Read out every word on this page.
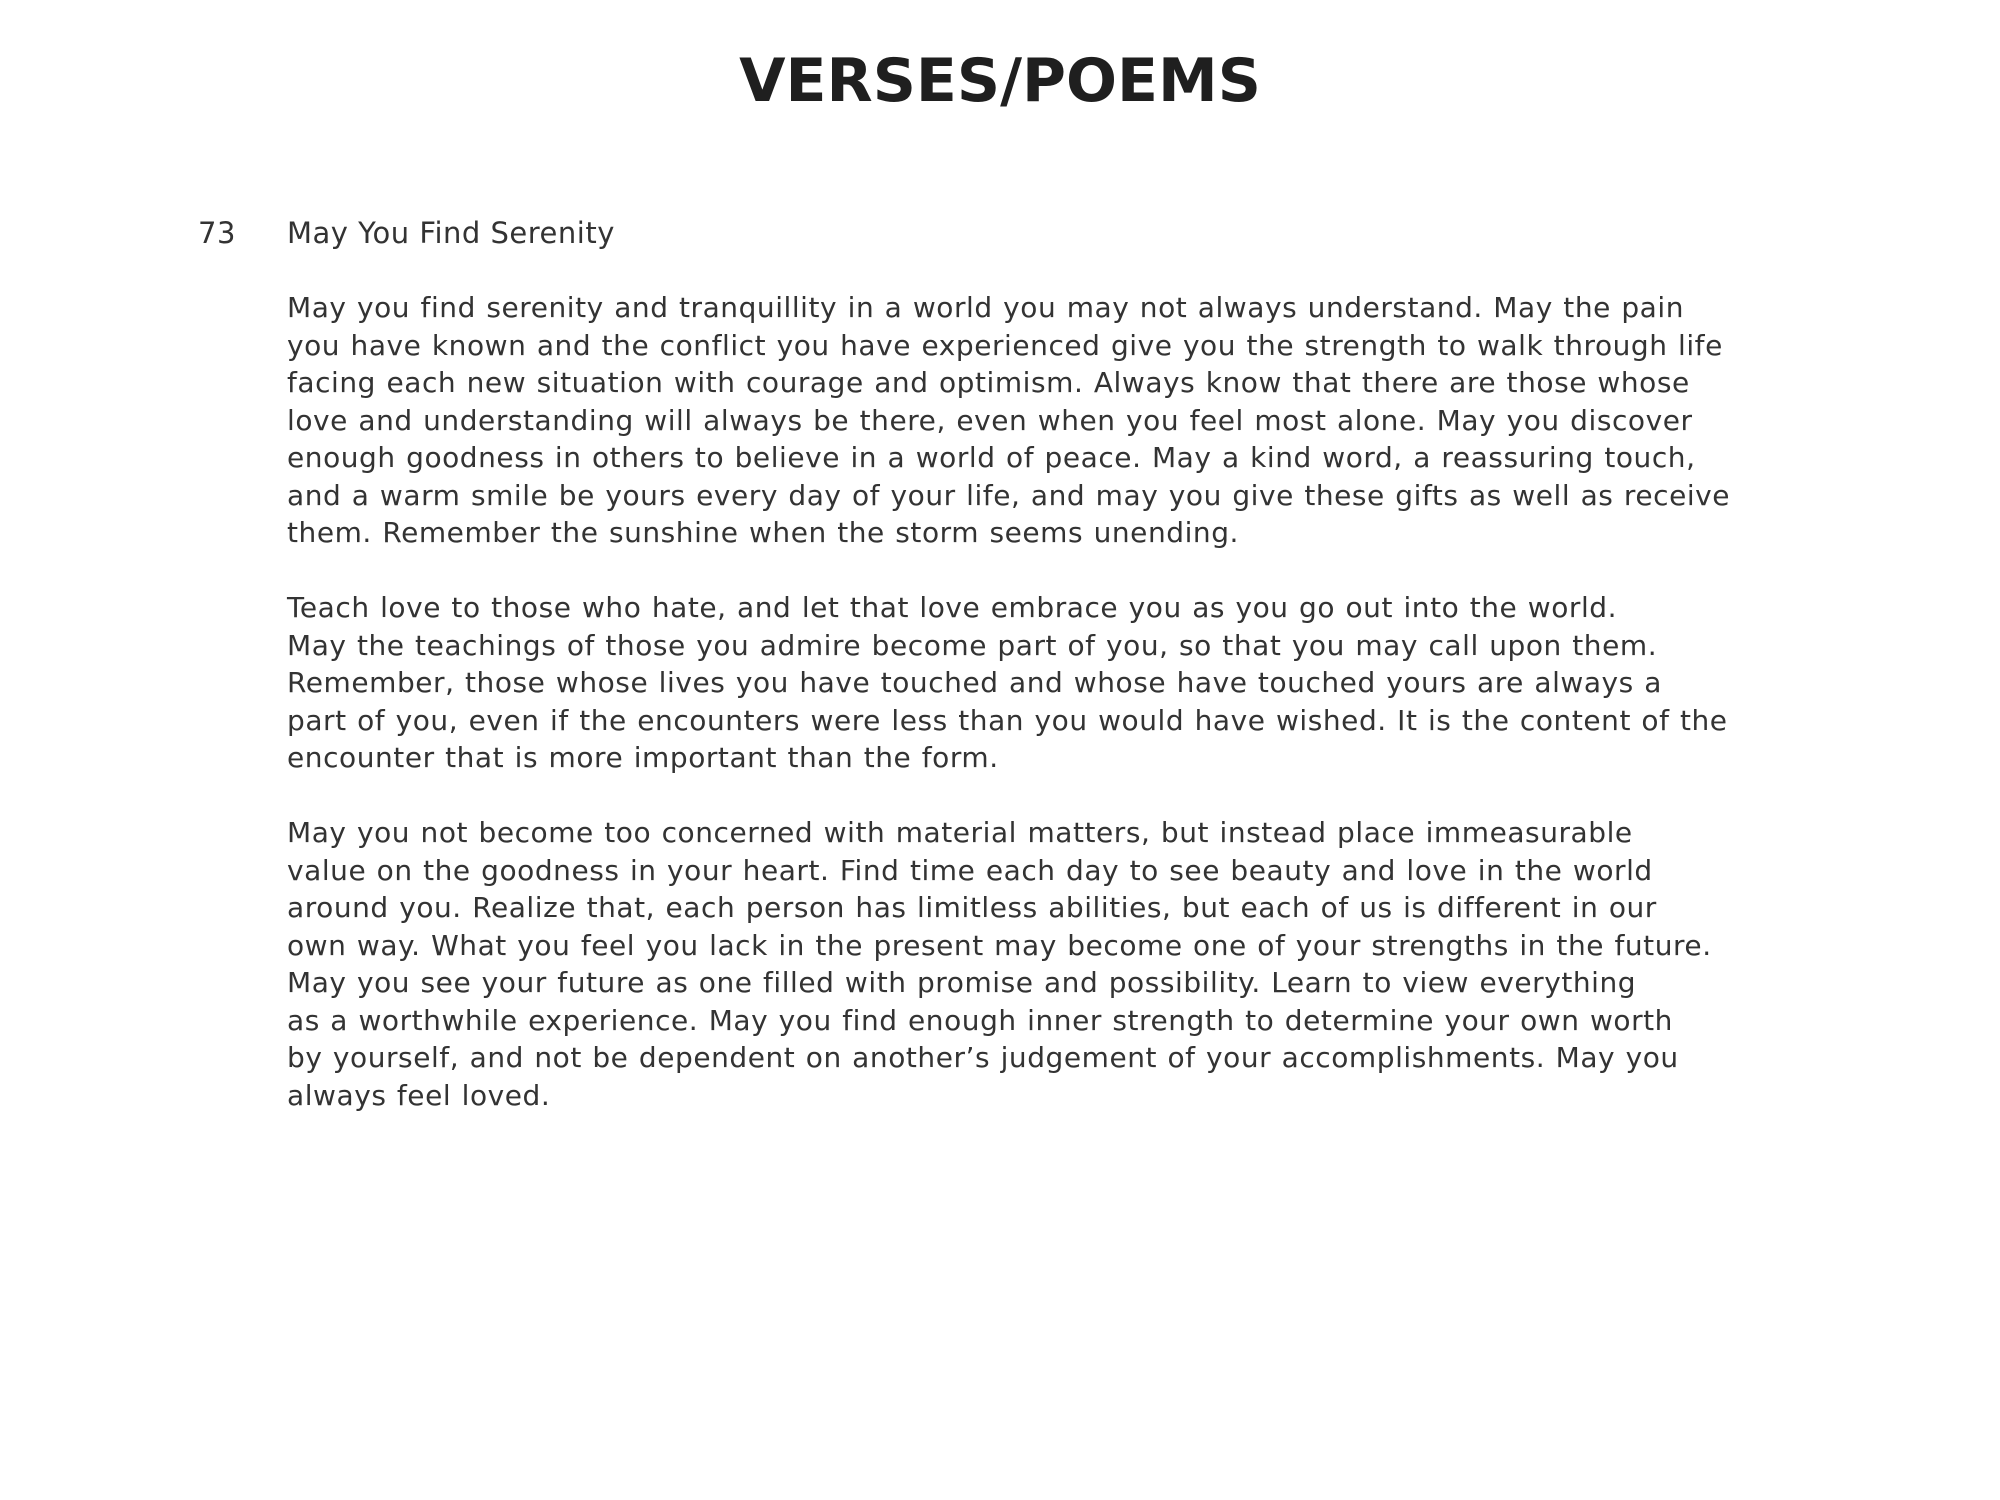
VERSES/POEMS
73 May You Find Serenity
May you find serenity and tranquillity in a world you may not always understand. May the pain
you have known and the conflict you have experienced give you the strength to walk through life
facing each new situation with courage and optimism. Always know that there are those whose
love and understanding will always be there, even when you feel most alone. May you discover
enough goodness in others to believe in a world of peace. May a kind word, a reassuring touch,
and a warm smile be yours every day of your life, and may you give these gifts as well as receive
them. Remember the sunshine when the storm seems unending.
Teach love to those who hate, and let that love embrace you as you go out into the world.
May the teachings of those you admire become part of you, so that you may call upon them.
Remember, those whose lives you have touched and whose have touched yours are always a
part of you, even if the encounters were less than you would have wished. It is the content of the
encounter that is more important than the form.
May you not become too concerned with material matters, but instead place immeasurable
value on the goodness in your heart. Find time each day to see beauty and love in the world
around you. Realize that, each person has limitless abilities, but each of us is different in our
own way. What you feel you lack in the present may become one of your strengths in the future.
May you see your future as one filled with promise and possibility. Learn to view everything
as a worthwhile experience. May you find enough inner strength to determine your own worth
by yourself, and not be dependent on another’s judgement of your accomplishments. May you
always feel loved.
